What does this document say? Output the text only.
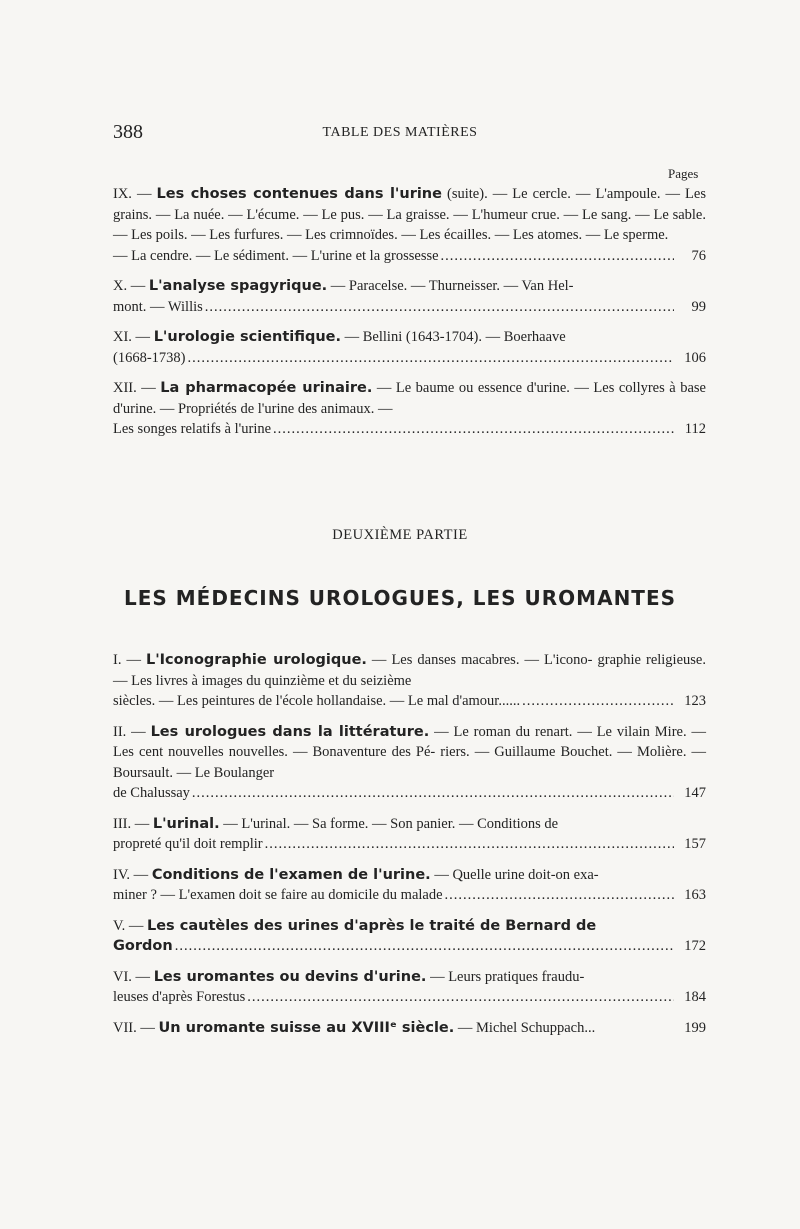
388	TABLE DES MATIÈRES
Pages
IX. — Les choses contenues dans l'urine (suite). — Le cercle. — L'ampoule. — Les grains. — La nuée. — L'écume. — Le pus. — La graisse. — L'humeur crue. — Le sang. — Le sable. — Les poils. — Les furfures. — Les crimnoïdes. — Les écailles. — Les atomes. — Le sperme.
— La cendre. — Le sédiment. — L'urine et la grossesse .....	76
X. — L'analyse spagyrique. — Paracelse. — Thurneisser. — Van Hel-
mont. — Willis .....	99
XI. — L'urologie scientifique. — Bellini (1643-1704). — Boerhaave
(1668-1738) .....	106
XII. — La pharmacopée urinaire. — Le baume ou essence d'urine. — Les collyres à base d'urine. — Propriétés de l'urine des animaux. —
Les songes relatifs à l'urine .....	112
DEUXIÈME PARTIE
LES MÉDECINS UROLOGUES, LES UROMANTES
I. — L'Iconographie urologique. — Les danses macabres. — L'icono- graphie religieuse. — Les livres à images du quinzième et du seizième
siècles. — Les peintures de l'école hollandaise. — Le mal d'amour...... .....	123
II. — Les urologues dans la littérature. — Le roman du renart. — Le vilain Mire. — Les cent nouvelles nouvelles. — Bonaventure des Pé- riers. — Guillaume Bouchet. — Molière. — Boursault. — Le Boulanger
de Chalussay .....	147
III. — L'urinal. — L'urinal. — Sa forme. — Son panier. — Conditions de
propreté qu'il doit remplir .....	157
IV. — Conditions de l'examen de l'urine. — Quelle urine doit-on exa-
miner ? — L'examen doit se faire au domicile du malade .....	163
V. — Les cautèles des urines d'après le traité de Bernard de
Gordon .....	172
VI. — Les uromantes ou devins d'urine. — Leurs pratiques fraudu-
leuses d'après Forestus .....	184
VII. — Un uromante suisse au XVIIIᵉ siècle. — Michel Schuppach...	199
